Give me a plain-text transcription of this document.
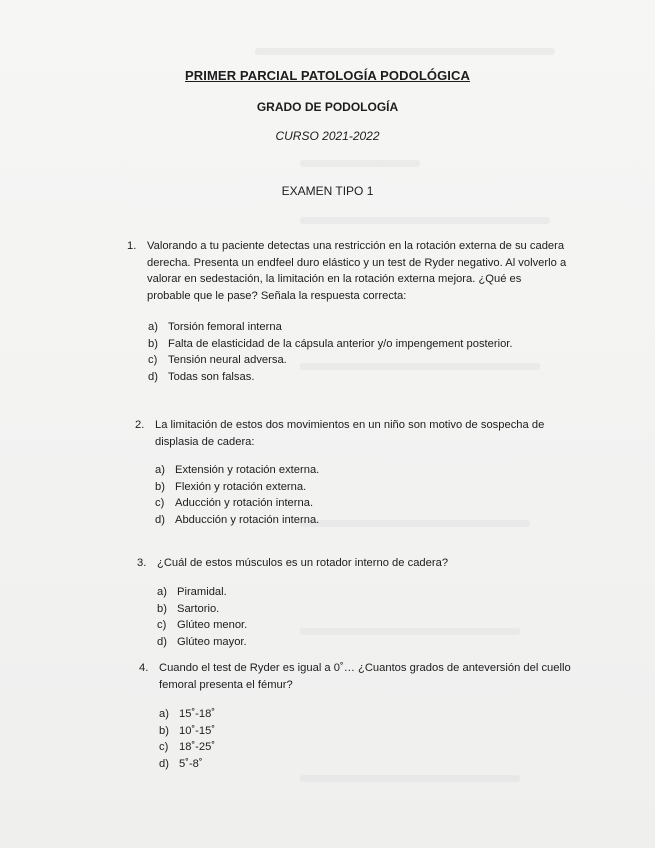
PRIMER PARCIAL PATOLOGÍA PODOLÓGICA
GRADO DE PODOLOGÍA
CURSO 2021-2022
EXAMEN TIPO 1
1. Valorando a tu paciente detectas una restricción en la rotación externa de su cadera derecha. Presenta un endfeel duro elástico y un test de Ryder negativo. Al volverlo a valorar en sedestación, la limitación en la rotación externa mejora. ¿Qué es probable que le pase? Señala la respuesta correcta:
a) Torsión femoral interna
b) Falta de elasticidad de la cápsula anterior y/o impengement posterior.
c) Tensión neural adversa.
d) Todas son falsas.
2. La limitación de estos dos movimientos en un niño son motivo de sospecha de displasia de cadera:
a) Extensión y rotación externa.
b) Flexión y rotación externa.
c) Aducción y rotación interna.
d) Abducción y rotación interna.
3. ¿Cuál de estos músculos es un rotador interno de cadera?
a) Piramidal.
b) Sartorio.
c) Glúteo menor.
d) Glúteo mayor.
4. Cuando el test de Ryder es igual a 0˚… ¿Cuantos grados de anteversión del cuello femoral presenta el fémur?
a) 15˚-18˚
b) 10˚-15˚
c) 18˚-25˚
d) 5˚-8˚
